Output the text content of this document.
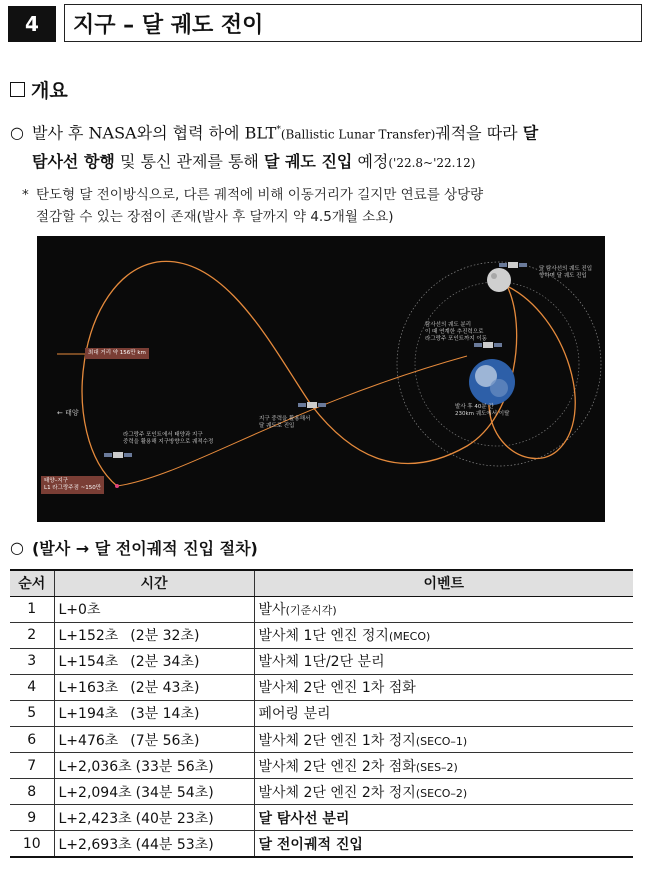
4	지구 – 달 궤도 전이
개요
○ 발사 후 NASA와의 협력 하에 BLT*(Ballistic Lunar Transfer)궤적을 따라 달
탐사선 항행 및 통신 관제를 통해 달 궤도 진입 예정('22.8~'22.12)
* 탄도형 달 전이방식으로, 다른 궤적에 비해 이동거리가 길지만 연료를 상당량
절감할 수 있는 장점이 존재(발사 후 달까지 약 4.5개월 소요)
달 탐사선의 궤도 진입
향하며 달 궤도 진입
탐사선의 궤도 분리
이 때 연계한 추진력으로
라그랑주 포인트까지 이동
발사 후 40분 간
230km 궤도에서 이탈
지구 중력을 활용해서
달 궤도로 진입
라그랑주 포인트에서 태양과 지구
중력을 활용해 지구방향으로 궤적수정
← 태양
최대 거리 약 156만 km
태양–지구
L1 라그랑주점 ~150만
○ (발사 → 달 전이궤적 진입 절차)
순서	시간	이벤트
1	L+0초	발사(기준시각)
2	L+152초 (2분 32초)	발사체 1단 엔진 정지(MECO)
3	L+154초 (2분 34초)	발사체 1단/2단 분리
4	L+163초 (2분 43초)	발사체 2단 엔진 1차 점화
5	L+194초 (3분 14초)	페어링 분리
6	L+476초 (7분 56초)	발사체 2단 엔진 1차 정지(SECO–1)
7	L+2,036초 (33분 56초)	발사체 2단 엔진 2차 점화(SES–2)
8	L+2,094초 (34분 54초)	발사체 2단 엔진 2차 정지(SECO–2)
9	L+2,423초 (40분 23초)	달 탐사선 분리
10	L+2,693초 (44분 53초)	달 전이궤적 진입
